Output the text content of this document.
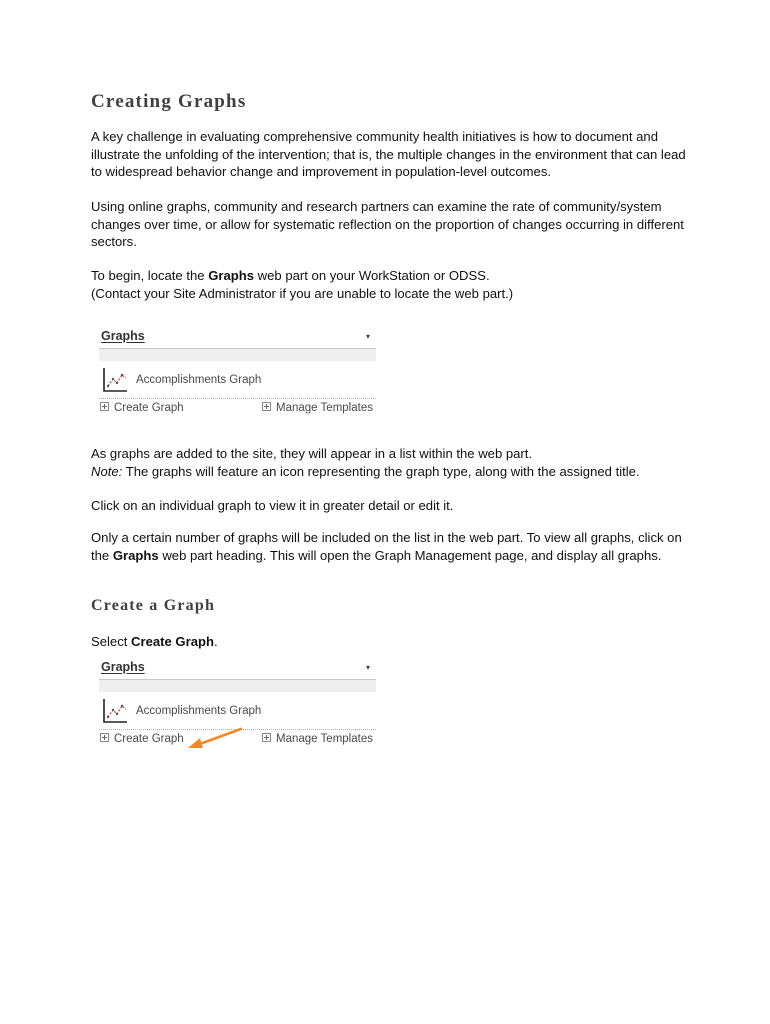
Creating Graphs

A key challenge in evaluating comprehensive community health initiatives is how to document and illustrate the unfolding of the intervention; that is, the multiple changes in the environment that can lead to widespread behavior change and improvement in population-level outcomes.

Using online graphs, community and research partners can examine the rate of community/system changes over time, or allow for systematic reflection on the proportion of changes occurring in different sectors.

To begin, locate the Graphs web part on your WorkStation or ODSS.
(Contact your Site Administrator if you are unable to locate the web part.)

Graphs	▾
Accomplishments Graph
Create Graph	Manage Templates

As graphs are added to the site, they will appear in a list within the web part.
Note: The graphs will feature an icon representing the graph type, along with the assigned title.

Click on an individual graph to view it in greater detail or edit it.

Only a certain number of graphs will be included on the list in the web part. To view all graphs, click on the Graphs web part heading. This will open the Graph Management page, and display all graphs.

Create a Graph

Select Create Graph.

Graphs	▾
Accomplishments Graph
Create Graph	Manage Templates
